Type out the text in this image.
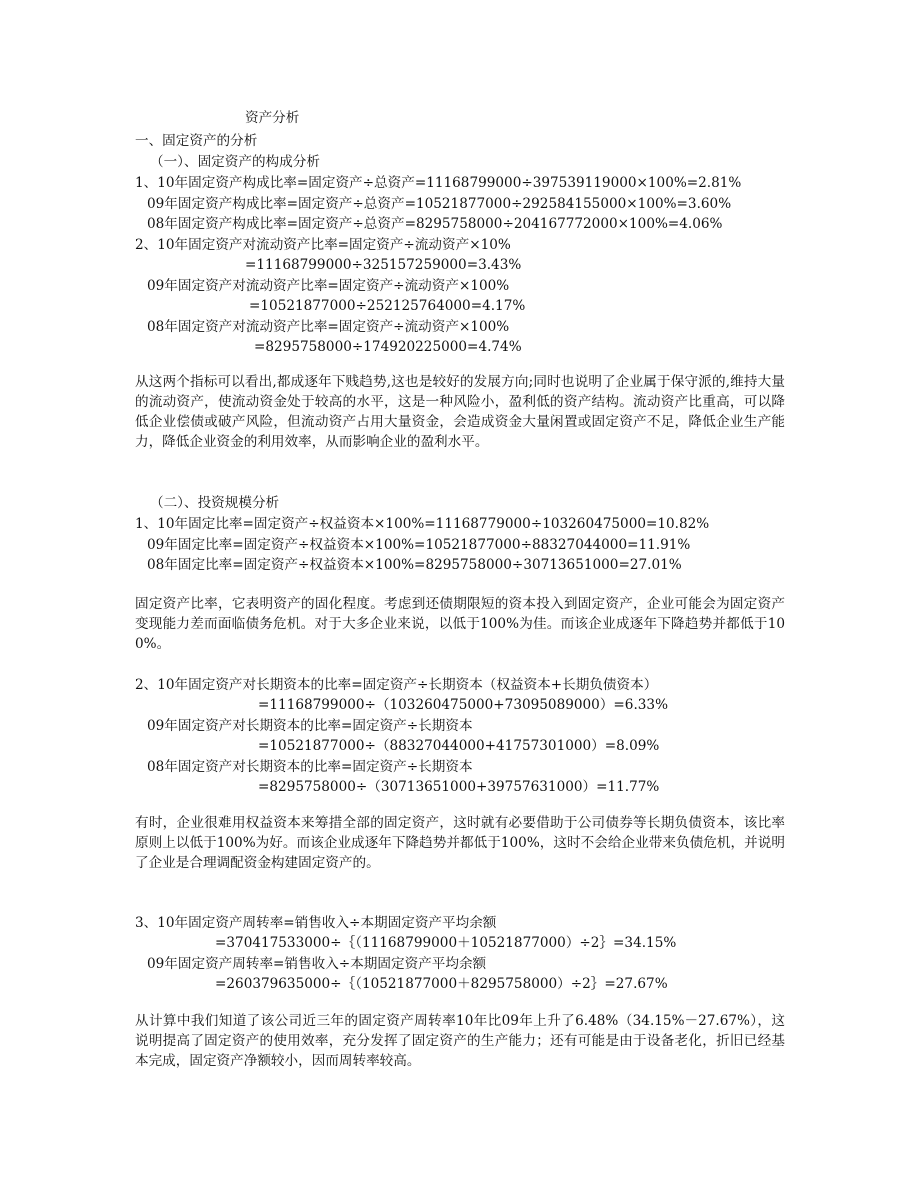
资产分析
一、固定资产的分析
（一）、固定资产的构成分析
1、10年固定资产构成比率=固定资产÷总资产=11168799000÷397539119000×100%=2.81%
09年固定资产构成比率=固定资产÷总资产=10521877000÷292584155000×100%=3.60%
08年固定资产构成比率=固定资产÷总资产=8295758000÷204167772000×100%=4.06%
2、10年固定资产对流动资产比率=固定资产÷流动资产×10%
=11168799000÷325157259000=3.43%
09年固定资产对流动资产比率=固定资产÷流动资产×100%
=10521877000÷252125764000=4.17%
08年固定资产对流动资产比率=固定资产÷流动资产×100%
=8295758000÷174920225000=4.74%
从这两个指标可以看出,都成逐年下贱趋势,这也是较好的发展方向;同时也说明了企业属于保守派的,维持大量的流动资产，使流动资金处于较高的水平，这是一种风险小，盈利低的资产结构。流动资产比重高，可以降低企业偿债或破产风险，但流动资产占用大量资金，会造成资金大量闲置或固定资产不足，降低企业生产能力，降低企业资金的利用效率，从而影响企业的盈利水平。
（二）、投资规模分析
1、10年固定比率=固定资产÷权益资本×100%=11168779000÷103260475000=10.82%
09年固定比率=固定资产÷权益资本×100%=10521877000÷88327044000=11.91%
08年固定比率=固定资产÷权益资本×100%=8295758000÷30713651000=27.01%
固定资产比率，它表明资产的固化程度。考虑到还债期限短的资本投入到固定资产，企业可能会为固定资产变现能力差而面临债务危机。对于大多企业来说，以低于100%为佳。而该企业成逐年下降趋势并都低于100%。
2、10年固定资产对长期资本的比率=固定资产÷长期资本（权益资本+长期负债资本）
=11168799000÷（103260475000+73095089000）=6.33%
09年固定资产对长期资本的比率=固定资产÷长期资本
=10521877000÷（88327044000+41757301000）=8.09%
08年固定资产对长期资本的比率=固定资产÷长期资本
=8295758000÷（30713651000+39757631000）=11.77%
有时，企业很难用权益资本来筹措全部的固定资产，这时就有必要借助于公司债券等长期负债资本，该比率原则上以低于100%为好。而该企业成逐年下降趋势并都低于100%，这时不会给企业带来负债危机，并说明了企业是合理调配资金构建固定资产的。
3、10年固定资产周转率=销售收入÷本期固定资产平均余额
=370417533000÷｛（11168799000＋10521877000）÷2｝=34.15%
09年固定资产周转率=销售收入÷本期固定资产平均余额
=260379635000÷｛（10521877000＋8295758000）÷2｝=27.67%
从计算中我们知道了该公司近三年的固定资产周转率10年比09年上升了6.48%（34.15%－27.67%），这说明提高了固定资产的使用效率，充分发挥了固定资产的生产能力；还有可能是由于设备老化，折旧已经基本完成，固定资产净额较小，因而周转率较高。
